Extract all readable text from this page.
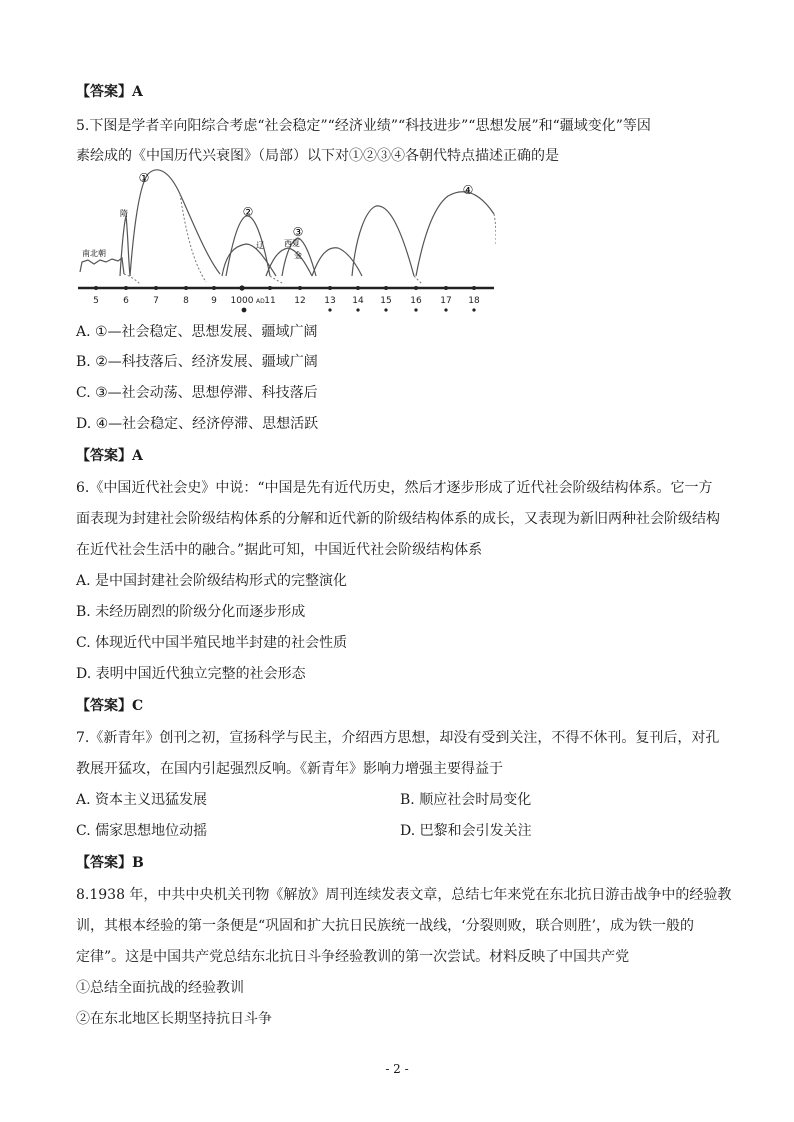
【答案】A
5.下图是学者辛向阳综合考虑“社会稳定”“经济业绩”“科技进步”“思想发展”和“疆域变化”等因
素绘成的《中国历代兴衰图》（局部）以下对①②③④各朝代特点描述正确的是
①
②
③
④
南北朝
隋
辽	西夏
金
5	6	7	8 9 1000 11 12 13 14 15 16 17 18
AD
A. ①—社会稳定、思想发展、疆域广阔
B. ②—科技落后、经济发展、疆域广阔
C. ③—社会动荡、思想停滞、科技落后
D. ④—社会稳定、经济停滞、思想活跃
【答案】A
6.《中国近代社会史》中说：“中国是先有近代历史，然后才逐步形成了近代社会阶级结构体系。它一方
面表现为封建社会阶级结构体系的分解和近代新的阶级结构体系的成长，又表现为新旧两种社会阶级结构
在近代社会生活中的融合。”据此可知，中国近代社会阶级结构体系
A. 是中国封建社会阶级结构形式的完整演化
B. 未经历剧烈的阶级分化而逐步形成
C. 体现近代中国半殖民地半封建的社会性质
D. 表明中国近代独立完整的社会形态
【答案】C
7.《新青年》创刊之初，宣扬科学与民主，介绍西方思想，却没有受到关注，不得不休刊。复刊后，对孔
教展开猛攻，在国内引起强烈反响。《新青年》影响力增强主要得益于
A. 资本主义迅猛发展	B. 顺应社会时局变化
C. 儒家思想地位动摇	D. 巴黎和会引发关注
【答案】B
8.1938 年，中共中央机关刊物《解放》周刊连续发表文章，总结七年来党在东北抗日游击战争中的经验教
训，其根本经验的第一条便是“巩固和扩大抗日民族统一战线，‘分裂则败，联合则胜’，成为铁一般的
定律”。这是中国共产党总结东北抗日斗争经验教训的第一次尝试。材料反映了中国共产党
①总结全面抗战的经验教训
②在东北地区长期坚持抗日斗争
- 2 -
